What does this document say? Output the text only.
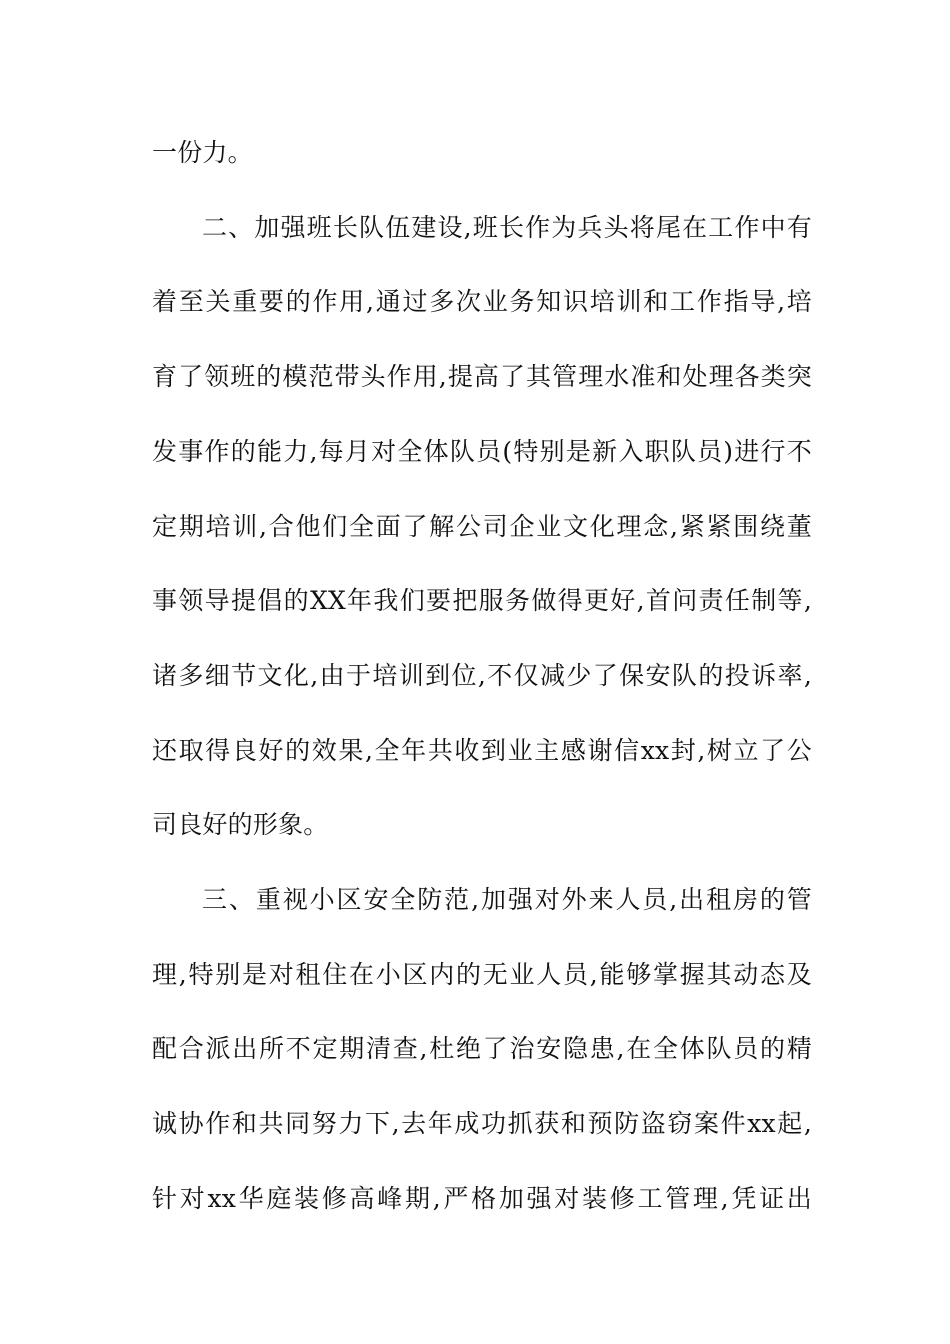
一份力。
二、加强班长队伍建设,班长作为兵头将尾在工作中有
着至关重要的作用,通过多次业务知识培训和工作指导,培
育了领班的模范带头作用,提高了其管理水准和处理各类突
发事作的能力,每月对全体队员(特别是新入职队员)进行不
定期培训,合他们全面了解公司企业文化理念,紧紧围绕董
事领导提倡的XX年我们要把服务做得更好,首问责任制等,
诸多细节文化,由于培训到位,不仅减少了保安队的投诉率,
还取得良好的效果,全年共收到业主感谢信xx封,树立了公
司良好的形象。
三、重视小区安全防范,加强对外来人员,出租房的管
理,特别是对租住在小区内的无业人员,能够掌握其动态及
配合派出所不定期清查,杜绝了治安隐患,在全体队员的精
诚协作和共同努力下,去年成功抓获和预防盗窃案件xx起,
针对xx华庭装修高峰期,严格加强对装修工管理,凭证出
